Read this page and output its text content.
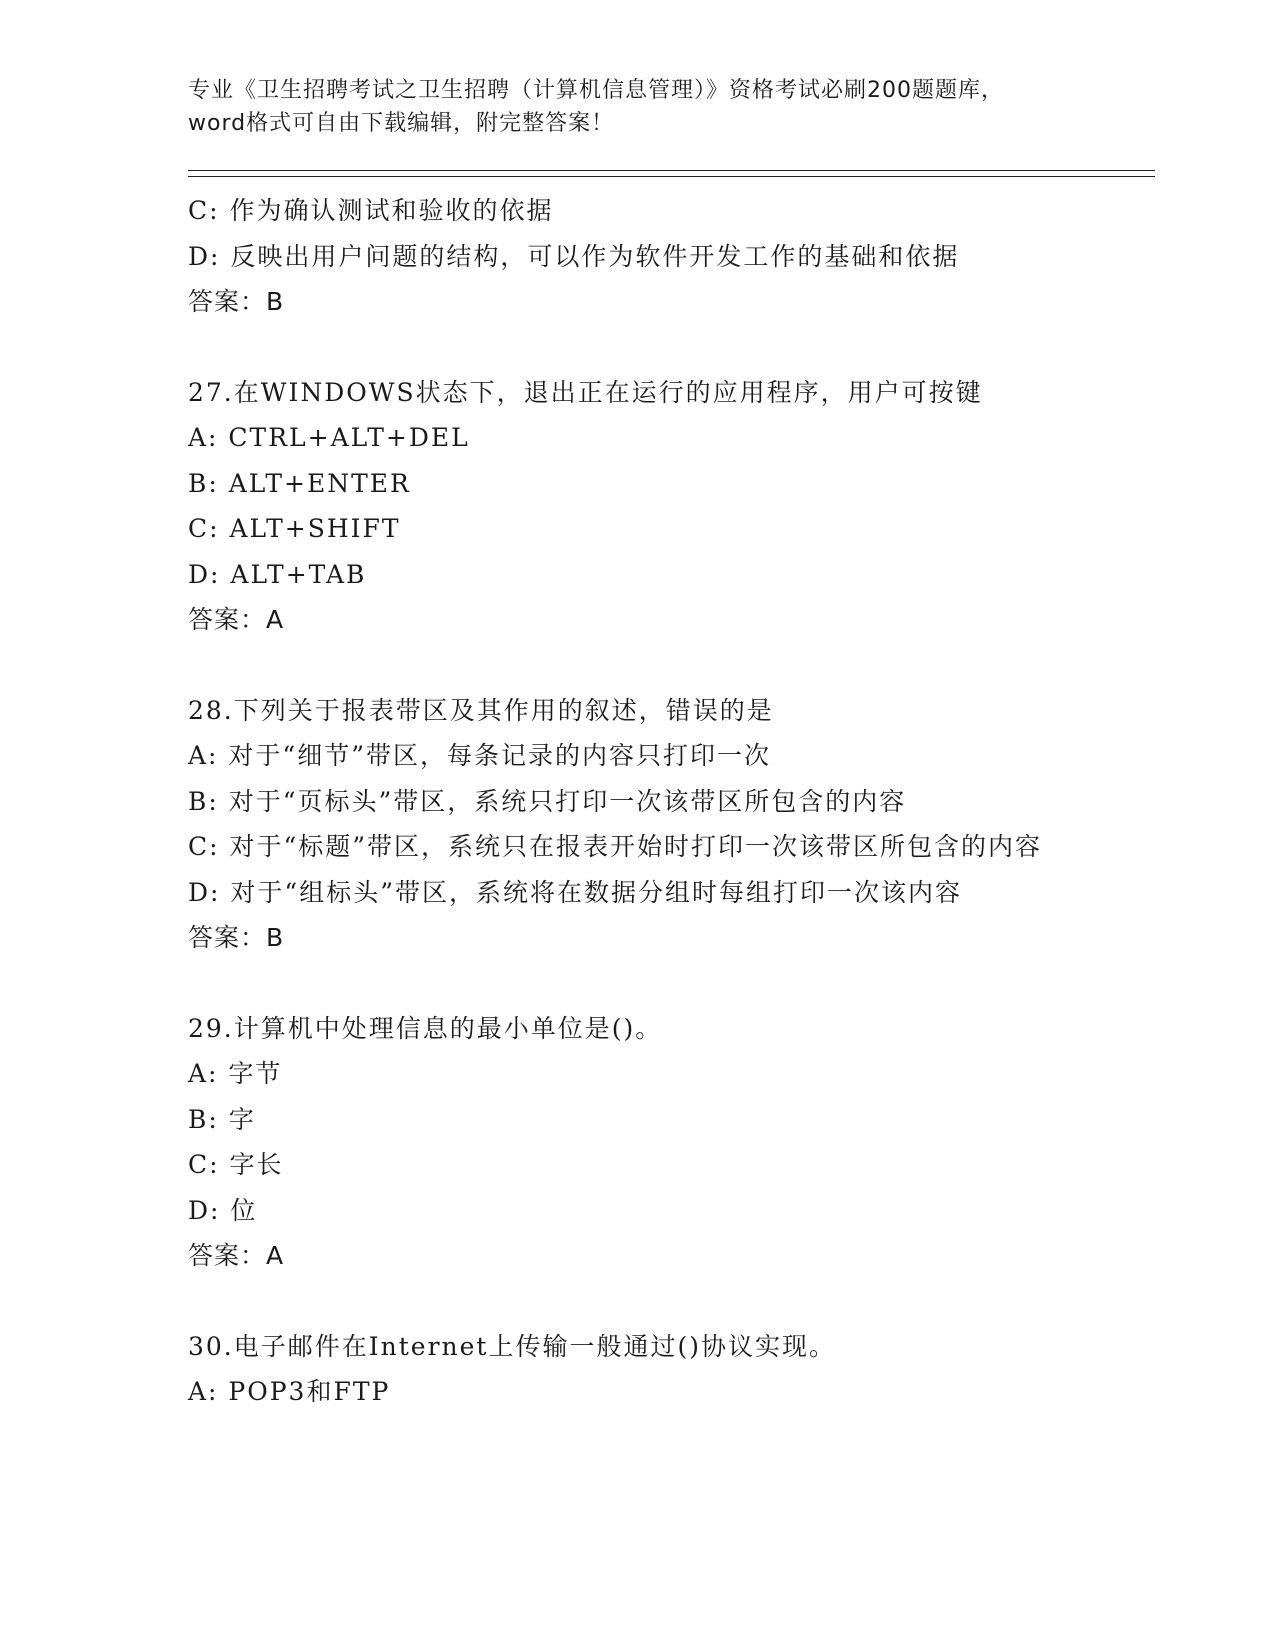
专业《卫生招聘考试之卫生招聘（计算机信息管理）》资格考试必刷200题题库，
word格式可自由下载编辑，附完整答案！
C: 作为确认测试和验收的依据
D: 反映出用户问题的结构，可以作为软件开发工作的基础和依据
答案：B
27.在WINDOWS状态下，退出正在运行的应用程序，用户可按键
A: CTRL+ALT+DEL
B: ALT+ENTER
C: ALT+SHIFT
D: ALT+TAB
答案：A
28.下列关于报表带区及其作用的叙述，错误的是
A: 对于“细节”带区，每条记录的内容只打印一次
B: 对于“页标头”带区，系统只打印一次该带区所包含的内容
C: 对于“标题”带区，系统只在报表开始时打印一次该带区所包含的内容
D: 对于“组标头”带区，系统将在数据分组时每组打印一次该内容
答案：B
29.计算机中处理信息的最小单位是()。
A: 字节
B: 字
C: 字长
D: 位
答案：A
30.电子邮件在Internet上传输一般通过()协议实现。
A: POP3和FTP
